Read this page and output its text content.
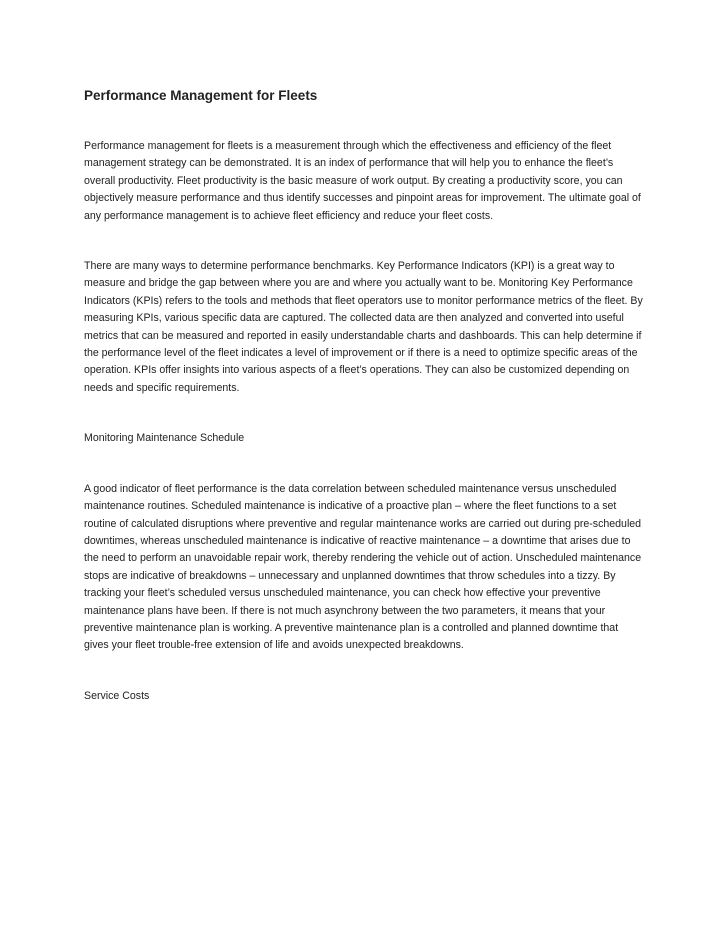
Performance Management for Fleets

Performance management for fleets is a measurement through which the effectiveness and efficiency of the fleet management strategy can be demonstrated. It is an index of performance that will help you to enhance the fleet’s overall productivity. Fleet productivity is the basic measure of work output. By creating a productivity score, you can objectively measure performance and thus identify successes and pinpoint areas for improvement. The ultimate goal of any performance management is to achieve fleet efficiency and reduce your fleet costs.

There are many ways to determine performance benchmarks. Key Performance Indicators (KPI) is a great way to measure and bridge the gap between where you are and where you actually want to be. Monitoring Key Performance Indicators (KPIs) refers to the tools and methods that fleet operators use to monitor performance metrics of the fleet. By measuring KPIs, various specific data are captured. The collected data are then analyzed and converted into useful metrics that can be measured and reported in easily understandable charts and dashboards. This can help determine if the performance level of the fleet indicates a level of improvement or if there is a need to optimize specific areas of the operation. KPIs offer insights into various aspects of a fleet’s operations. They can also be customized depending on needs and specific requirements.

Monitoring Maintenance Schedule

A good indicator of fleet performance is the data correlation between scheduled maintenance versus unscheduled maintenance routines. Scheduled maintenance is indicative of a proactive plan – where the fleet functions to a set routine of calculated disruptions where preventive and regular maintenance works are carried out during pre-scheduled downtimes, whereas unscheduled maintenance is indicative of reactive maintenance – a downtime that arises due to the need to perform an unavoidable repair work, thereby rendering the vehicle out of action. Unscheduled maintenance stops are indicative of breakdowns – unnecessary and unplanned downtimes that throw schedules into a tizzy. By tracking your fleet’s scheduled versus unscheduled maintenance, you can check how effective your preventive maintenance plans have been. If there is not much asynchrony between the two parameters, it means that your preventive maintenance plan is working. A preventive maintenance plan is a controlled and planned downtime that gives your fleet trouble-free extension of life and avoids unexpected breakdowns.

Service Costs
